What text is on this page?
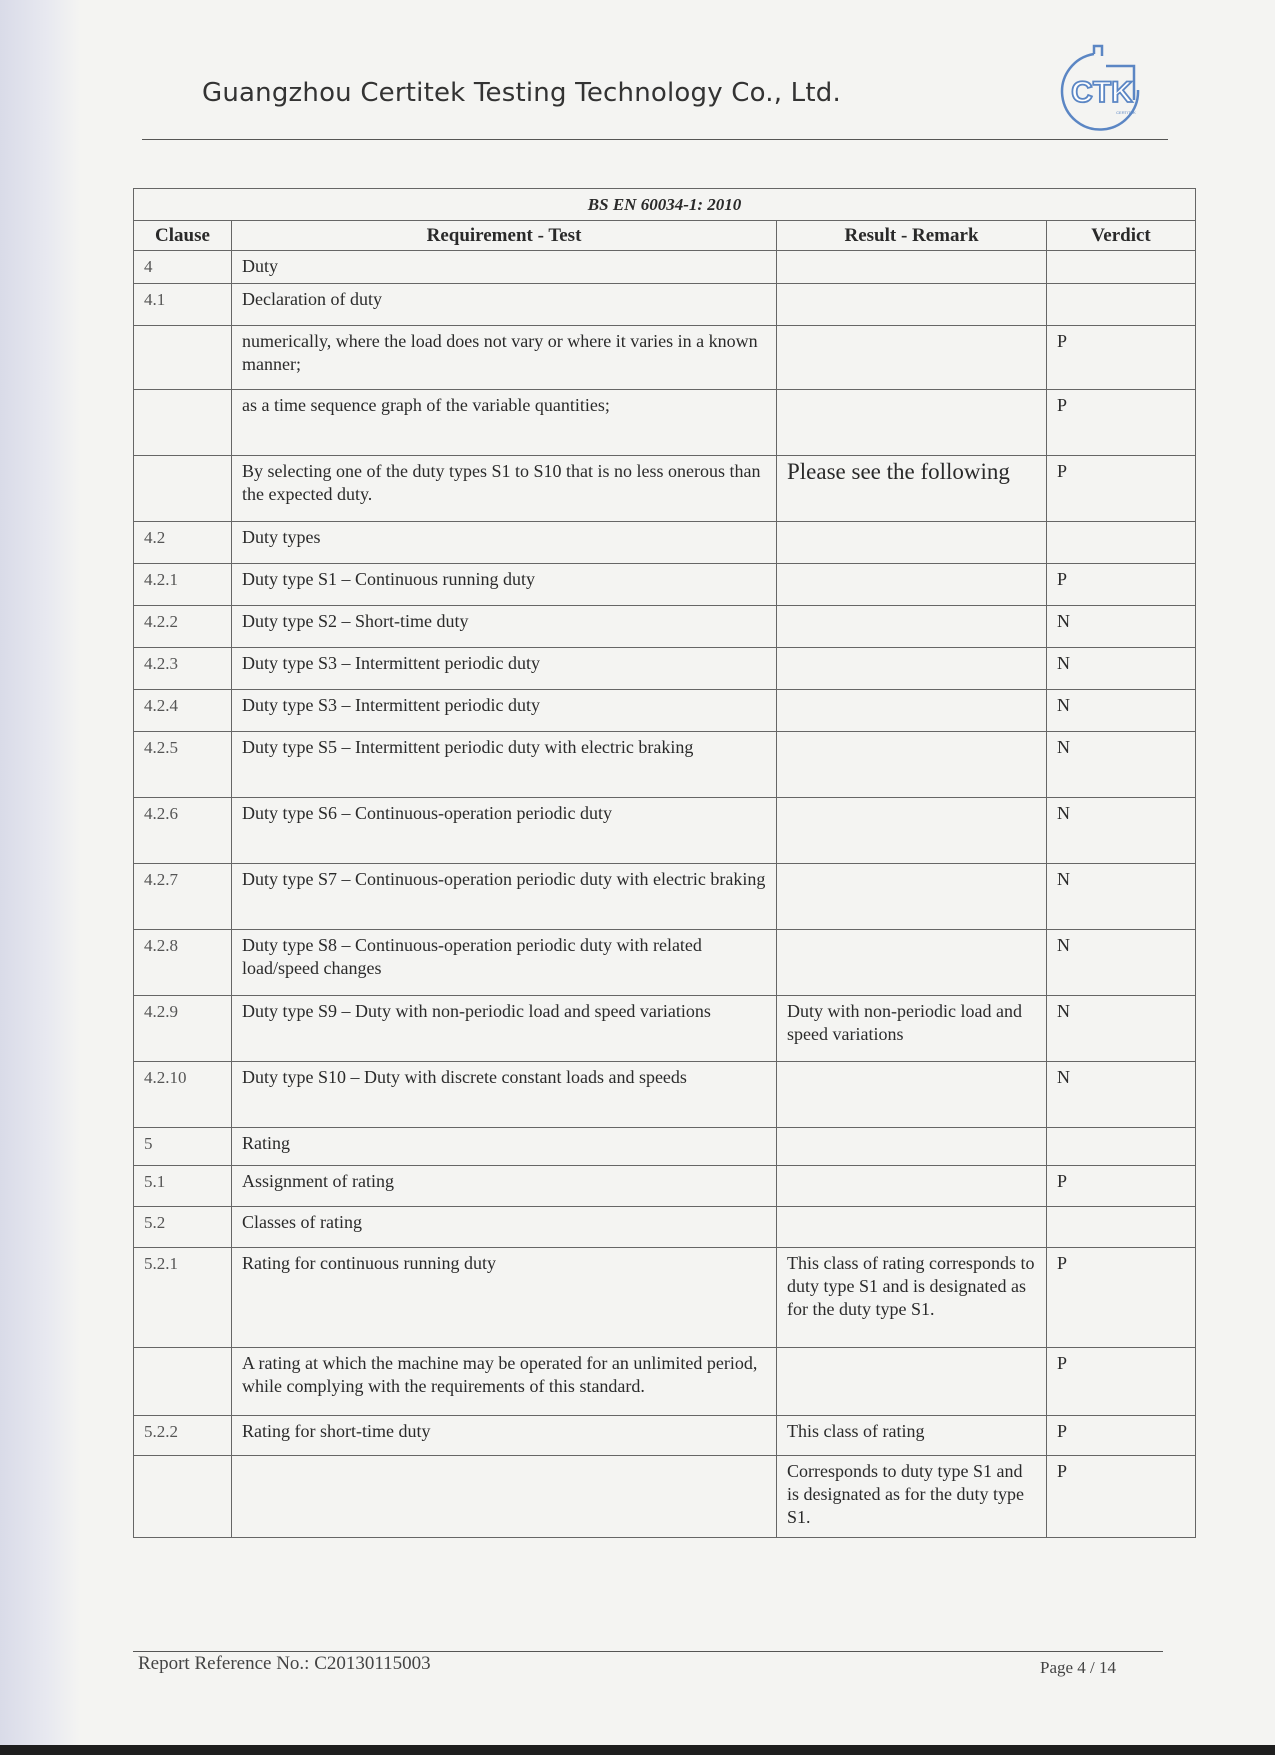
Guangzhou Certitek Testing Technology Co., Ltd.	CTK
CERTITEK
BS EN 60034-1: 2010			
Clause	Requirement - Test	Result - Remark	Verdict
4	Duty		
4.1	Declaration of duty		
	numerically, where the load does not vary or where it varies in a known manner;		P
	as a time sequence graph of the variable quantities;		P
	By selecting one of the duty types S1 to S10 that is no less onerous than the expected duty.	Please see the following	P
4.2	Duty types		
4.2.1	Duty type S1 – Continuous running duty		P
4.2.2	Duty type S2 – Short-time duty		N
4.2.3	Duty type S3 – Intermittent periodic duty		N
4.2.4	Duty type S3 – Intermittent periodic duty		N
4.2.5	Duty type S5 – Intermittent periodic duty with electric braking		N
4.2.6	Duty type S6 – Continuous-operation periodic duty		N
4.2.7	Duty type S7 – Continuous-operation periodic duty with electric braking		N
4.2.8	Duty type S8 – Continuous-operation periodic duty with related load/speed changes		N
4.2.9	Duty type S9 – Duty with non-periodic load and speed variations	Duty with non-periodic load and speed variations	N
4.2.10	Duty type S10 – Duty with discrete constant loads and speeds		N
5	Rating		
5.1	Assignment of rating		P
5.2	Classes of rating		
5.2.1	Rating for continuous running duty	This class of rating corresponds to duty type S1 and is designated as for the duty type S1.	P
	A rating at which the machine may be operated for an unlimited period, while complying with the requirements of this standard.		P
5.2.2	Rating for short-time duty	This class of rating	P
		Corresponds to duty type S1 and is designated as for the duty type S1.	P
Report Reference No.: C20130115003	Page 4 / 14
